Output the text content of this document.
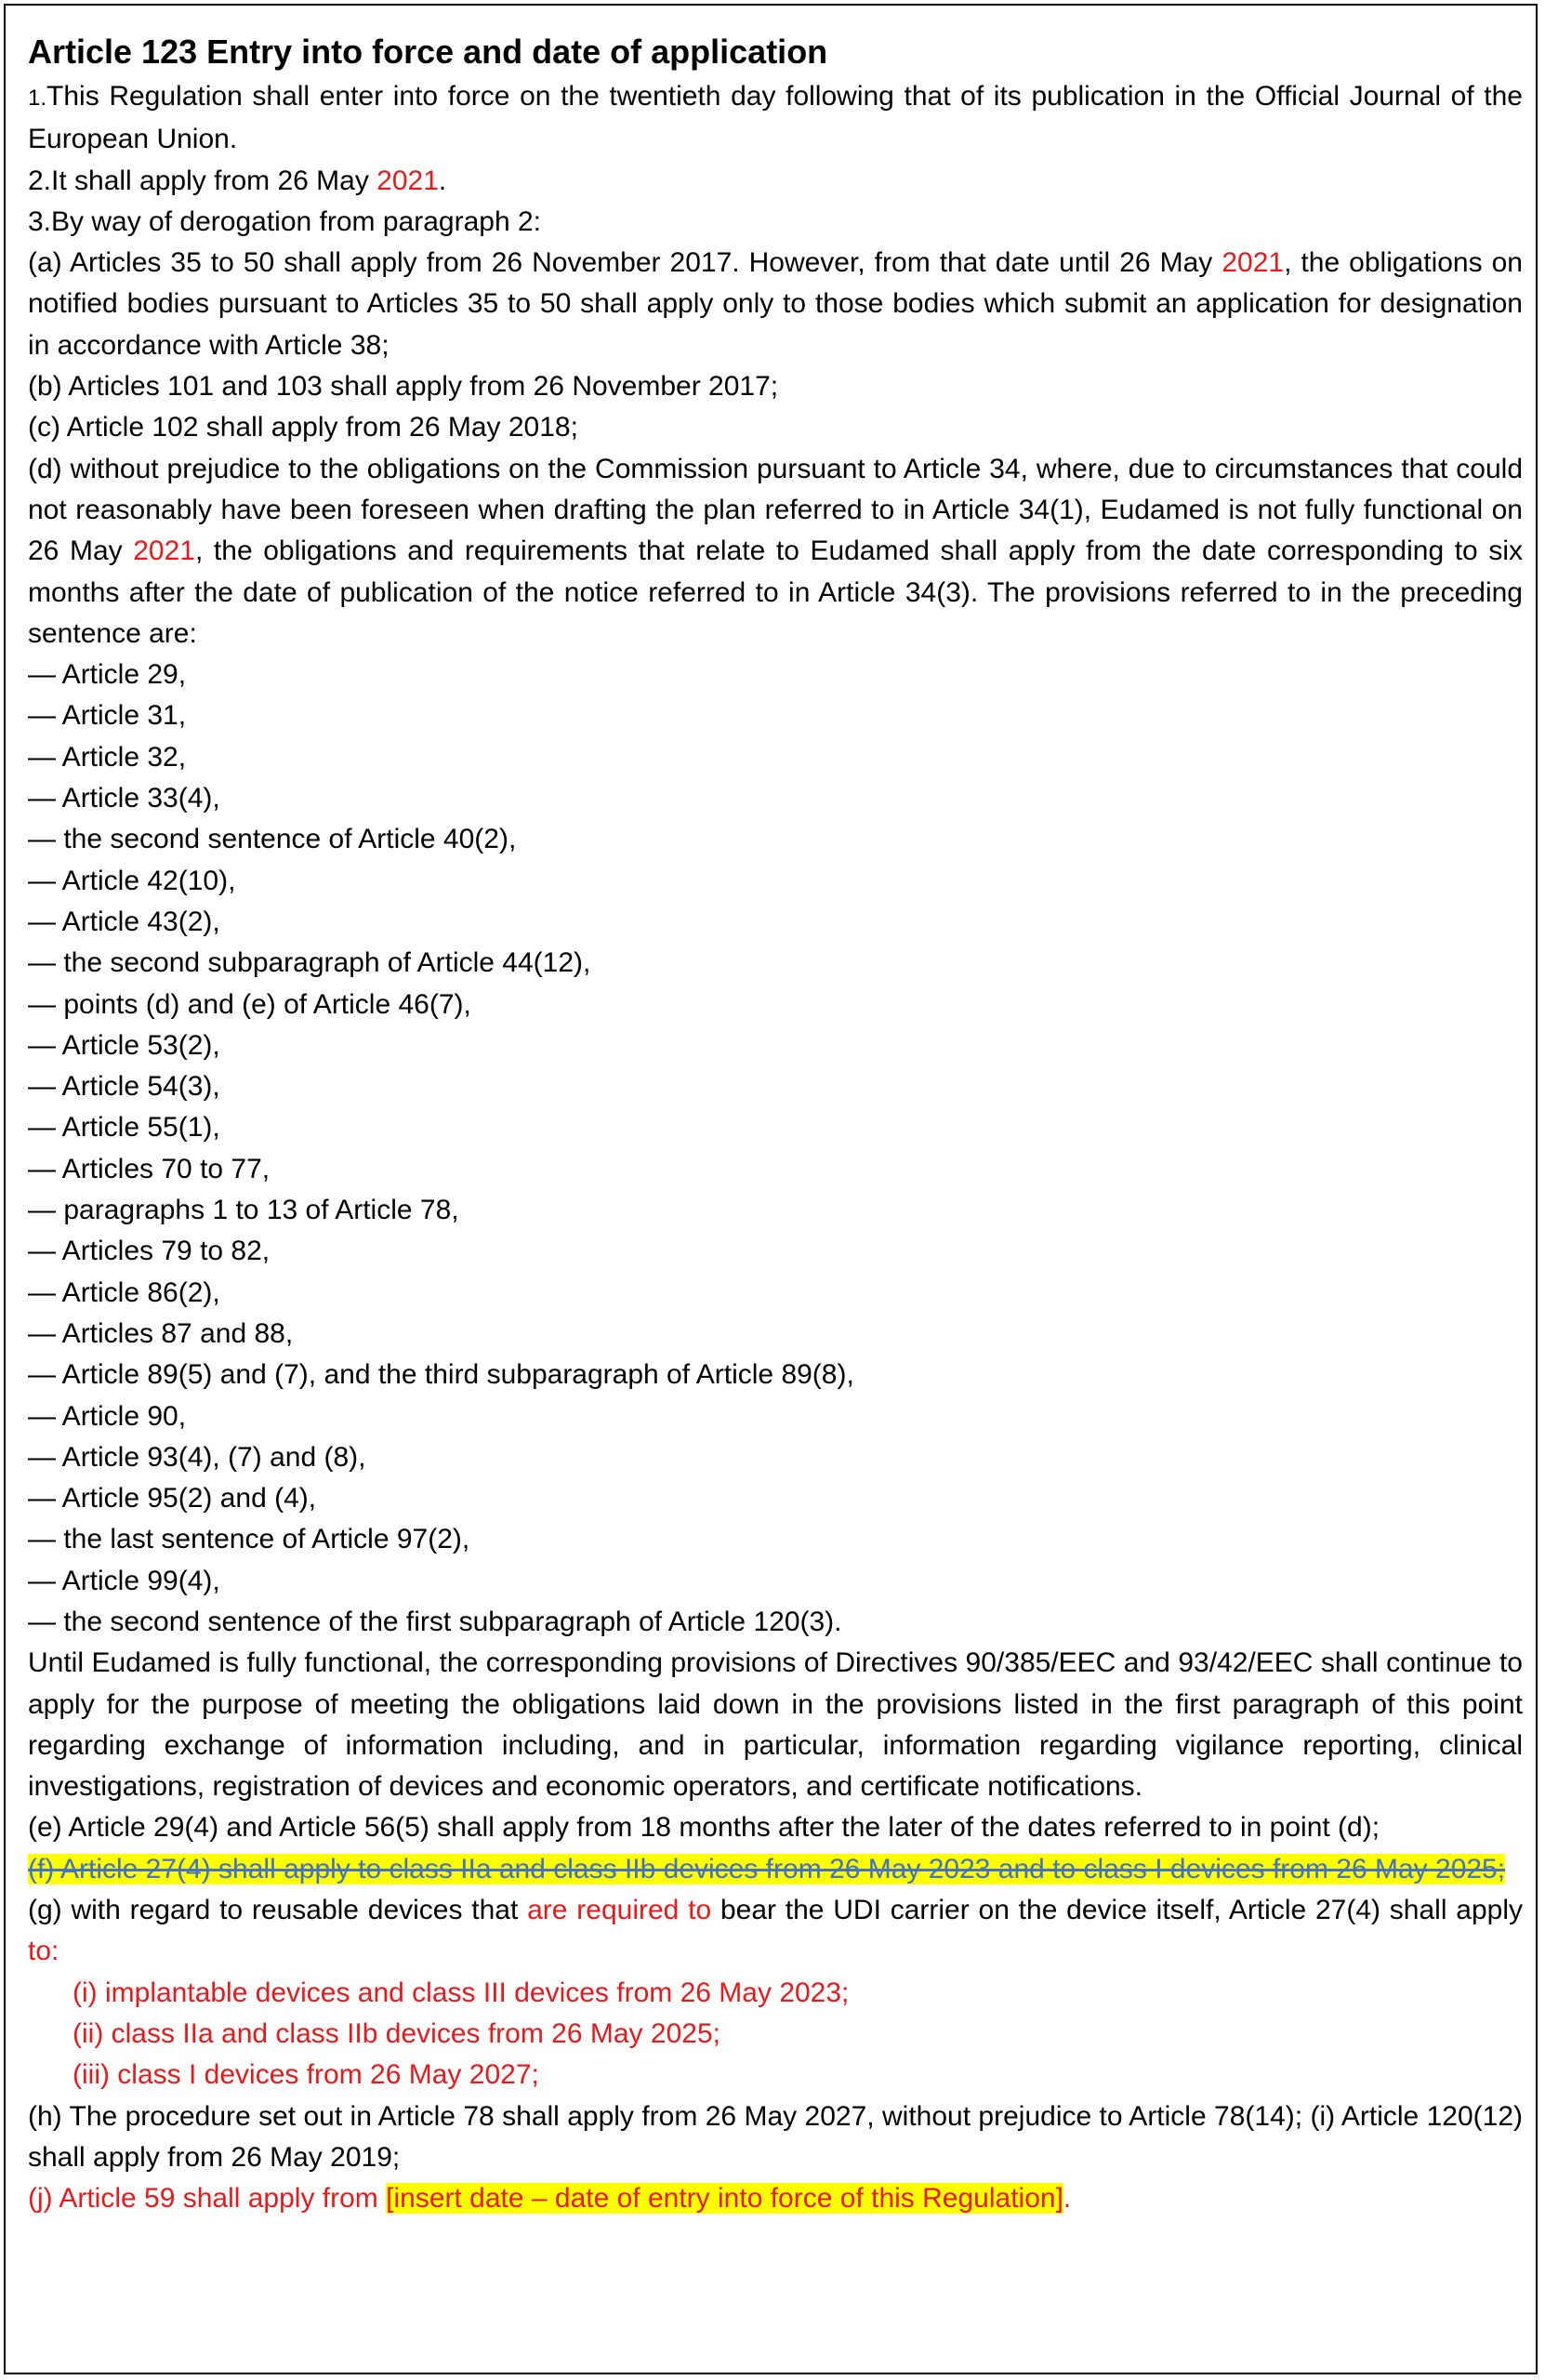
Article 123 Entry into force and date of application

1.This Regulation shall enter into force on the twentieth day following that of its publication in the Official Journal of the European Union.

2.It shall apply from 26 May 2021.

3.By way of derogation from paragraph 2:

(a) Articles 35 to 50 shall apply from 26 November 2017. However, from that date until 26 May 2021, the obligations on notified bodies pursuant to Articles 35 to 50 shall apply only to those bodies which submit an application for designation in accordance with Article 38;

(b) Articles 101 and 103 shall apply from 26 November 2017;

(c) Article 102 shall apply from 26 May 2018;

(d) without prejudice to the obligations on the Commission pursuant to Article 34, where, due to circumstances that could not reasonably have been foreseen when drafting the plan referred to in Article 34(1), Eudamed is not fully functional on 26 May 2021, the obligations and requirements that relate to Eudamed shall apply from the date corresponding to six months after the date of publication of the notice referred to in Article 34(3). The provisions referred to in the preceding sentence are:

— Article 29,

— Article 31,

— Article 32,

— Article 33(4),

— the second sentence of Article 40(2),

— Article 42(10),

— Article 43(2),

— the second subparagraph of Article 44(12),

— points (d) and (e) of Article 46(7),

— Article 53(2),

— Article 54(3),

— Article 55(1),

— Articles 70 to 77,

— paragraphs 1 to 13 of Article 78,

— Articles 79 to 82,

— Article 86(2),

— Articles 87 and 88,

— Article 89(5) and (7), and the third subparagraph of Article 89(8),

— Article 90,

— Article 93(4), (7) and (8),

— Article 95(2) and (4),

— the last sentence of Article 97(2),

— Article 99(4),

— the second sentence of the first subparagraph of Article 120(3).

Until Eudamed is fully functional, the corresponding provisions of Directives 90/385/EEC and 93/42/EEC shall continue to apply for the purpose of meeting the obligations laid down in the provisions listed in the first paragraph of this point regarding exchange of information including, and in particular, information regarding vigilance reporting, clinical investigations, registration of devices and economic operators, and certificate notifications.

(e) Article 29(4) and Article 56(5) shall apply from 18 months after the later of the dates referred to in point (d);

(f) Article 27(4) shall apply to class IIa and class IIb devices from 26 May 2023 and to class I devices from 26 May 2025;

(g) with regard to reusable devices that are required to bear the UDI carrier on the device itself, Article 27(4) shall apply to:

(i) implantable devices and class III devices from 26 May 2023;

(ii) class IIa and class IIb devices from 26 May 2025;

(iii) class I devices from 26 May 2027;

(h) The procedure set out in Article 78 shall apply from 26 May 2027, without prejudice to Article 78(14); (i) Article 120(12) shall apply from 26 May 2019;

(j) Article 59 shall apply from [insert date – date of entry into force of this Regulation].
